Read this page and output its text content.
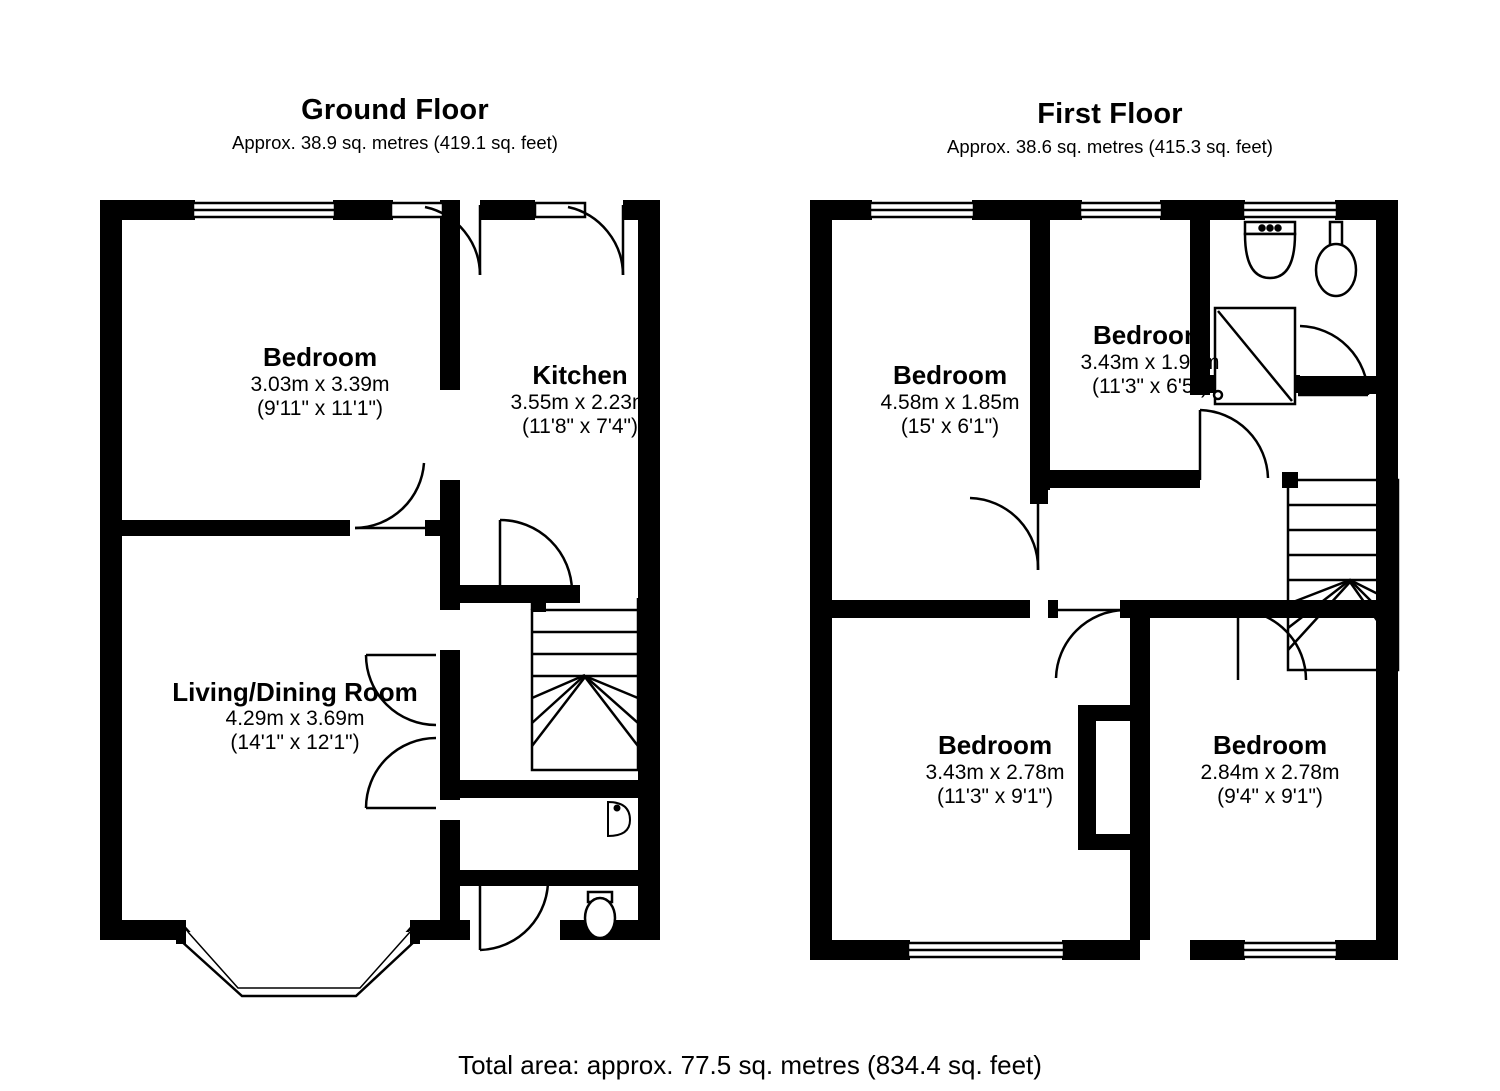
Ground Floor
Approx. 38.9 sq. metres (419.1 sq. feet)
First Floor
Approx. 38.6 sq. metres (415.3 sq. feet)
Bedroom
3.03m x 3.39m
(9'11" x 11'1")
Kitchen
3.55m x 2.23m
(11'8" x 7'4")
Living/Dining Room
4.29m x 3.69m
(14'1" x 12'1")
Bedroom
4.58m x 1.85m
(15' x 6'1")
Bedroom
3.43m x 1.97m
(11'3" x 6'5")
Bedroom
3.43m x 2.78m
(11'3" x 9'1")
Bedroom
2.84m x 2.78m
(9'4" x 9'1")
Total area: approx. 77.5 sq. metres (834.4 sq. feet)
